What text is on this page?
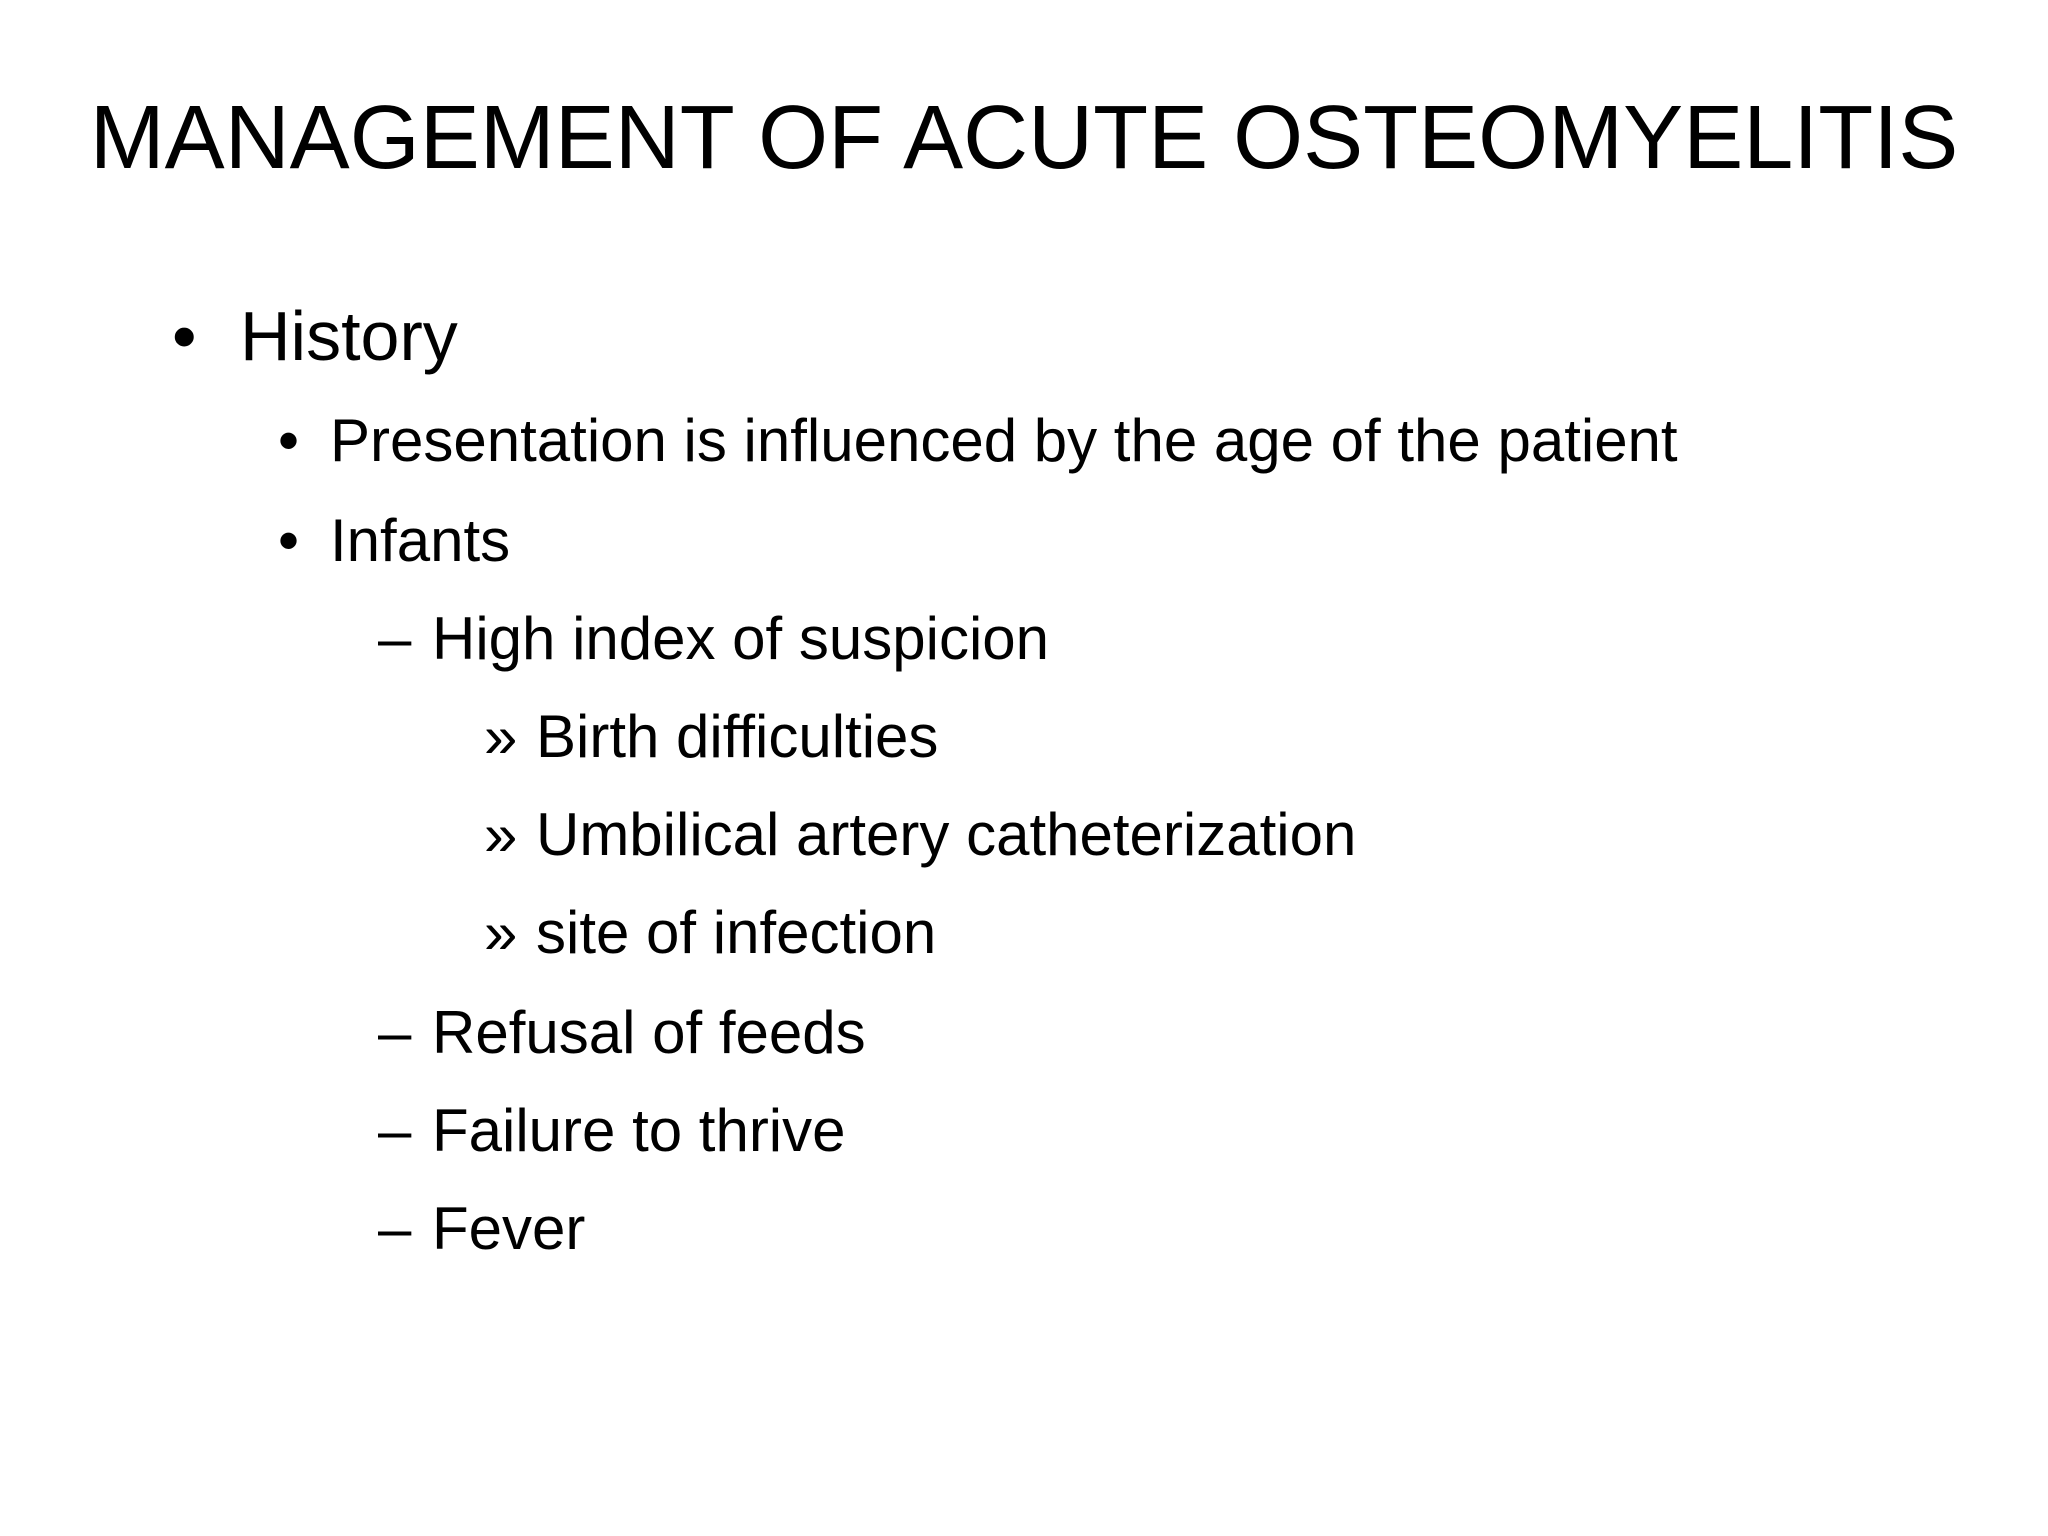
MANAGEMENT OF ACUTE OSTEOMYELITIS
• History
• Presentation is influenced by the age of the patient
• Infants
– High index of suspicion
» Birth difficulties
» Umbilical artery catheterization
» site of infection
– Refusal of feeds
– Failure to thrive
– Fever
